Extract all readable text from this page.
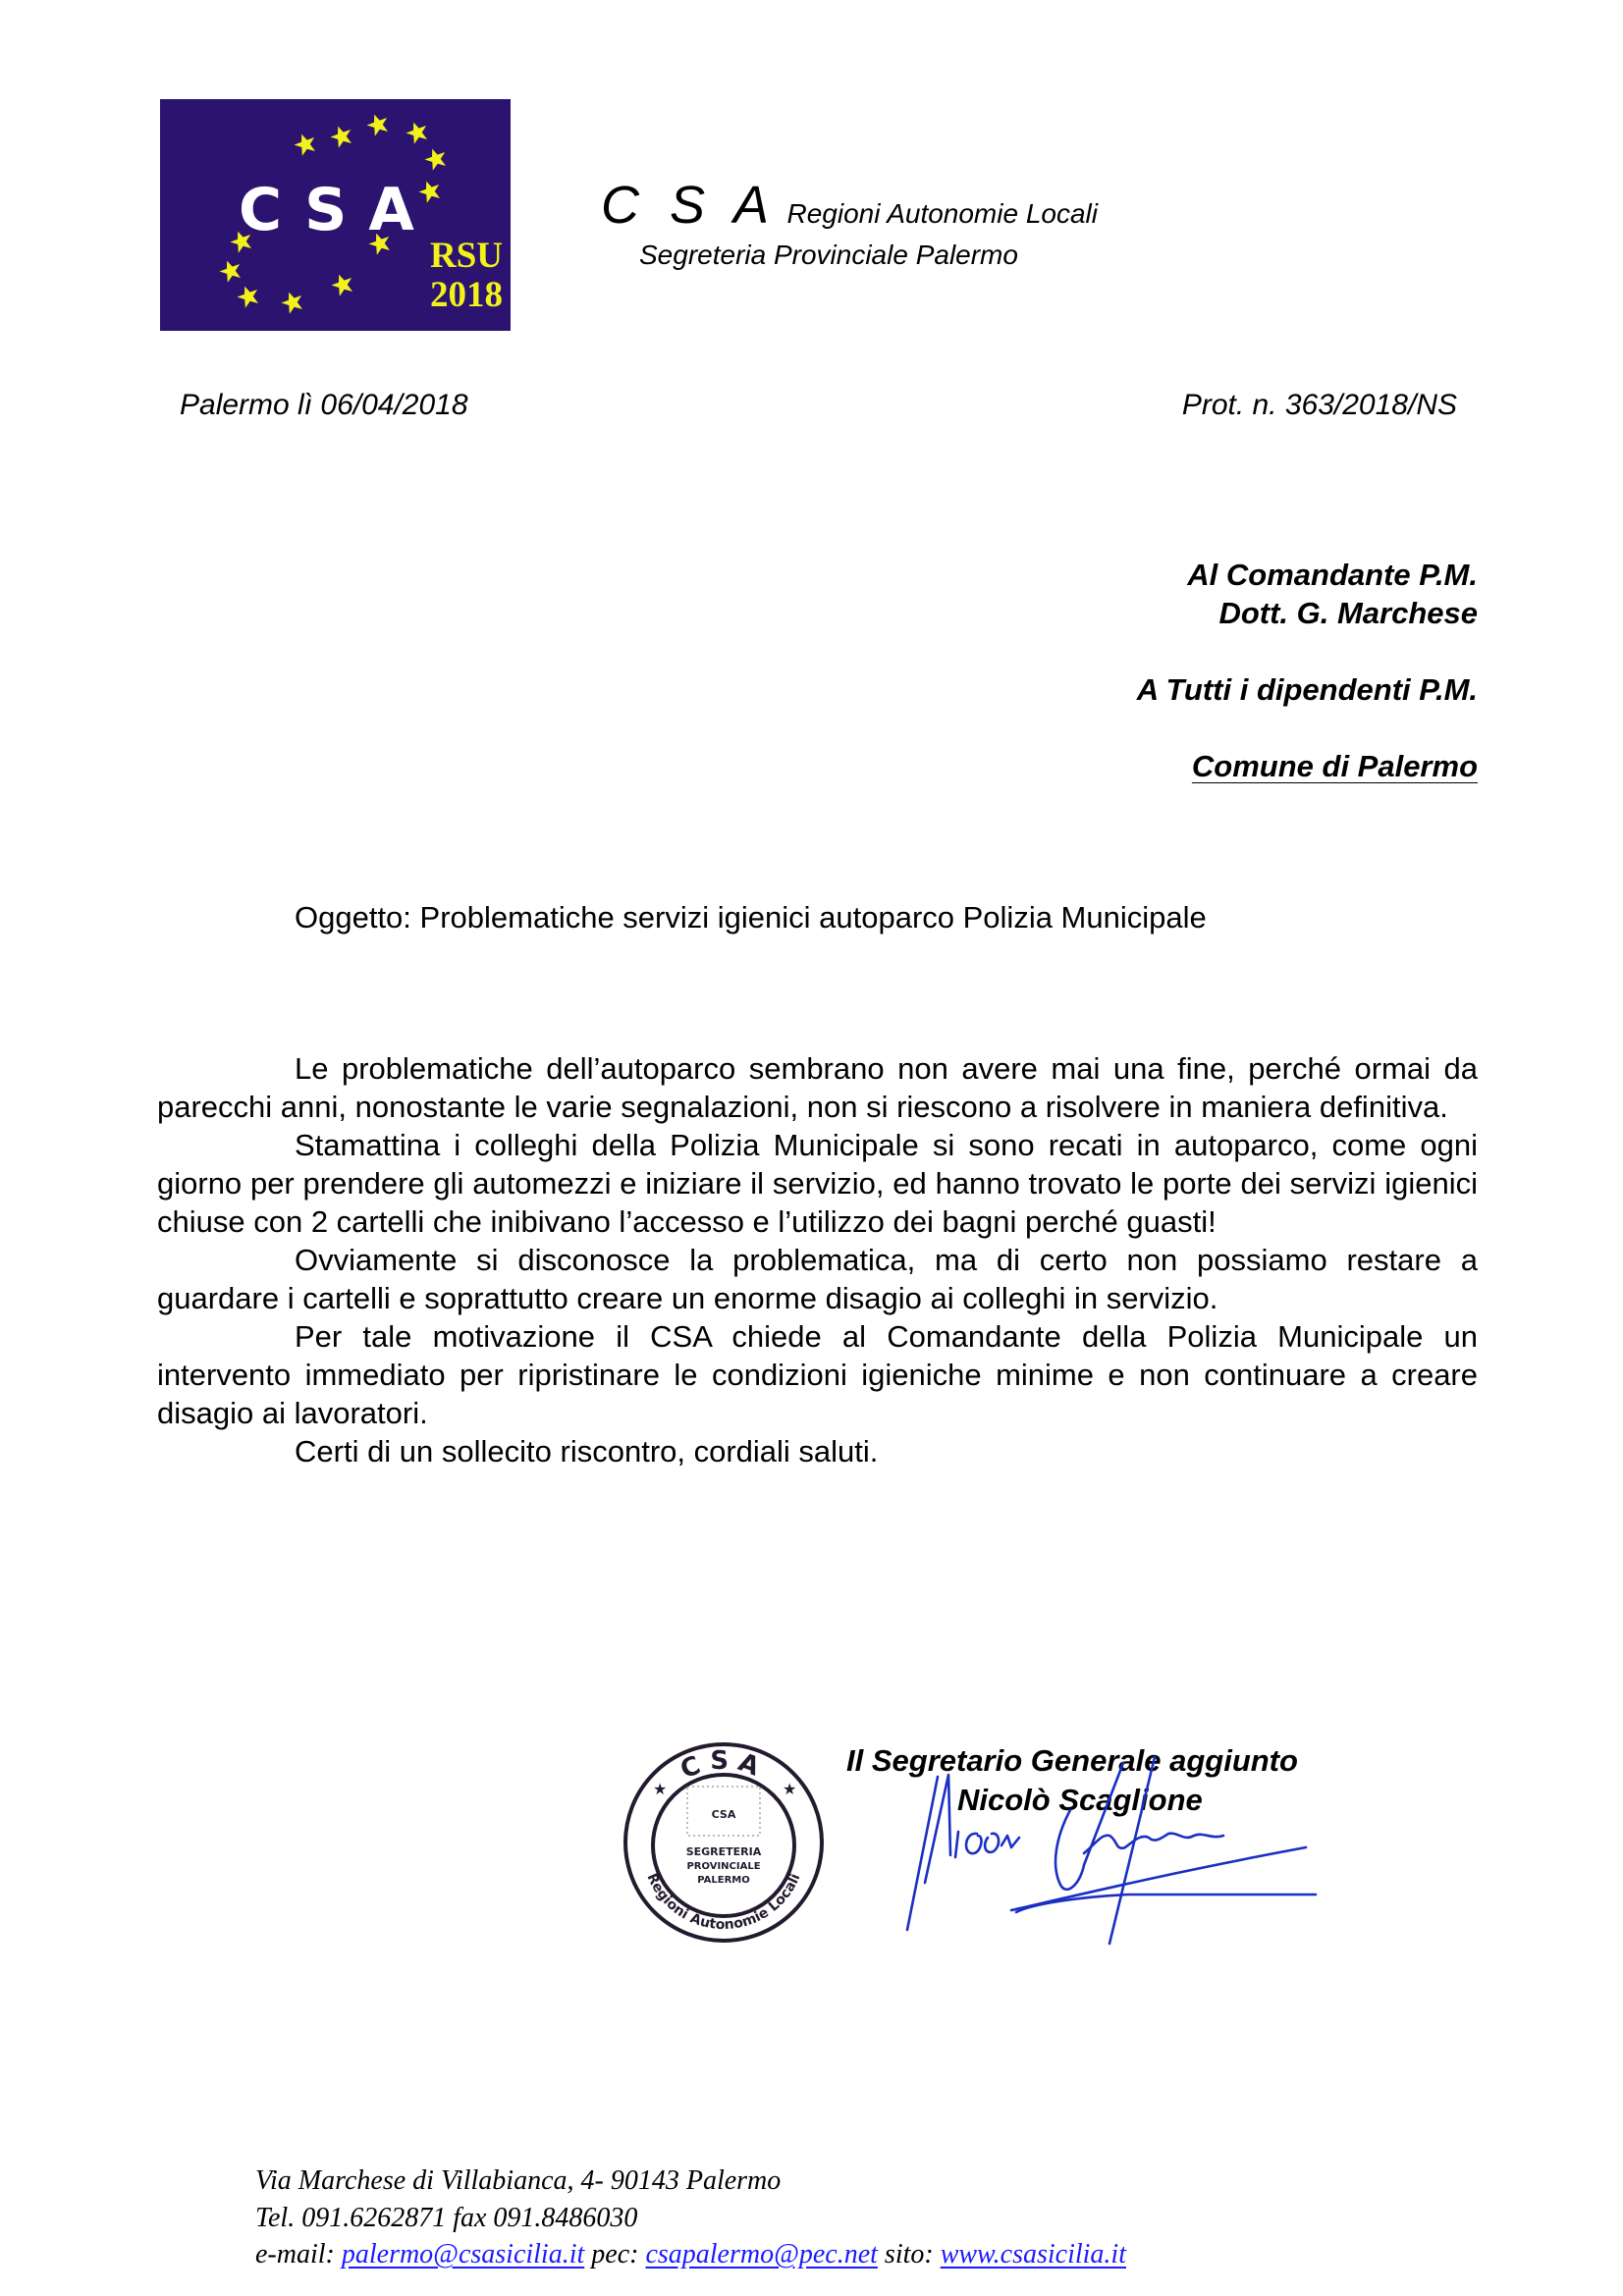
CSA
RSU
2018
C S A Regioni Autonomie Locali
Segreteria Provinciale Palermo
Palermo lì 06/04/2018	Prot. n. 363/2018/NS
Al Comandante P.M.
Dott. G. Marchese
A Tutti i dipendenti P.M.
Comune di Palermo
Oggetto: Problematiche servizi igienici autoparco Polizia Municipale

Le problematiche dell’autoparco sembrano non avere mai una fine, perché ormai da parecchi anni, nonostante le varie segnalazioni, non si riescono a risolvere in maniera definitiva.

Stamattina i colleghi della Polizia Municipale si sono recati in autoparco, come ogni giorno per prendere gli automezzi e iniziare il servizio, ed hanno trovato le porte dei servizi igienici chiuse con 2 cartelli che inibivano l’accesso e l’utilizzo dei bagni perché guasti!

Ovviamente si disconosce la problematica, ma di certo non possiamo restare a guardare i cartelli e soprattutto creare un enorme disagio ai colleghi in servizio.

Per tale motivazione il CSA chiede al Comandante della Polizia Municipale un intervento immediato per ripristinare le condizioni igieniche minime e non continuare a creare disagio ai lavoratori.

Certi di un sollecito riscontro, cordiali saluti.

CSA
★	★
CSA
SEGRETERIA
PROVINCIALE
PALERMO
Regioni Autonomie Locali
Il Segretario Generale aggiunto
Nicolò Scaglione
Via Marchese di Villabianca, 4- 90143 Palermo
Tel. 091.6262871 fax 091.8486030
e-mail: palermo@csasicilia.it pec: csapalermo@pec.net sito: www.csasicilia.it
